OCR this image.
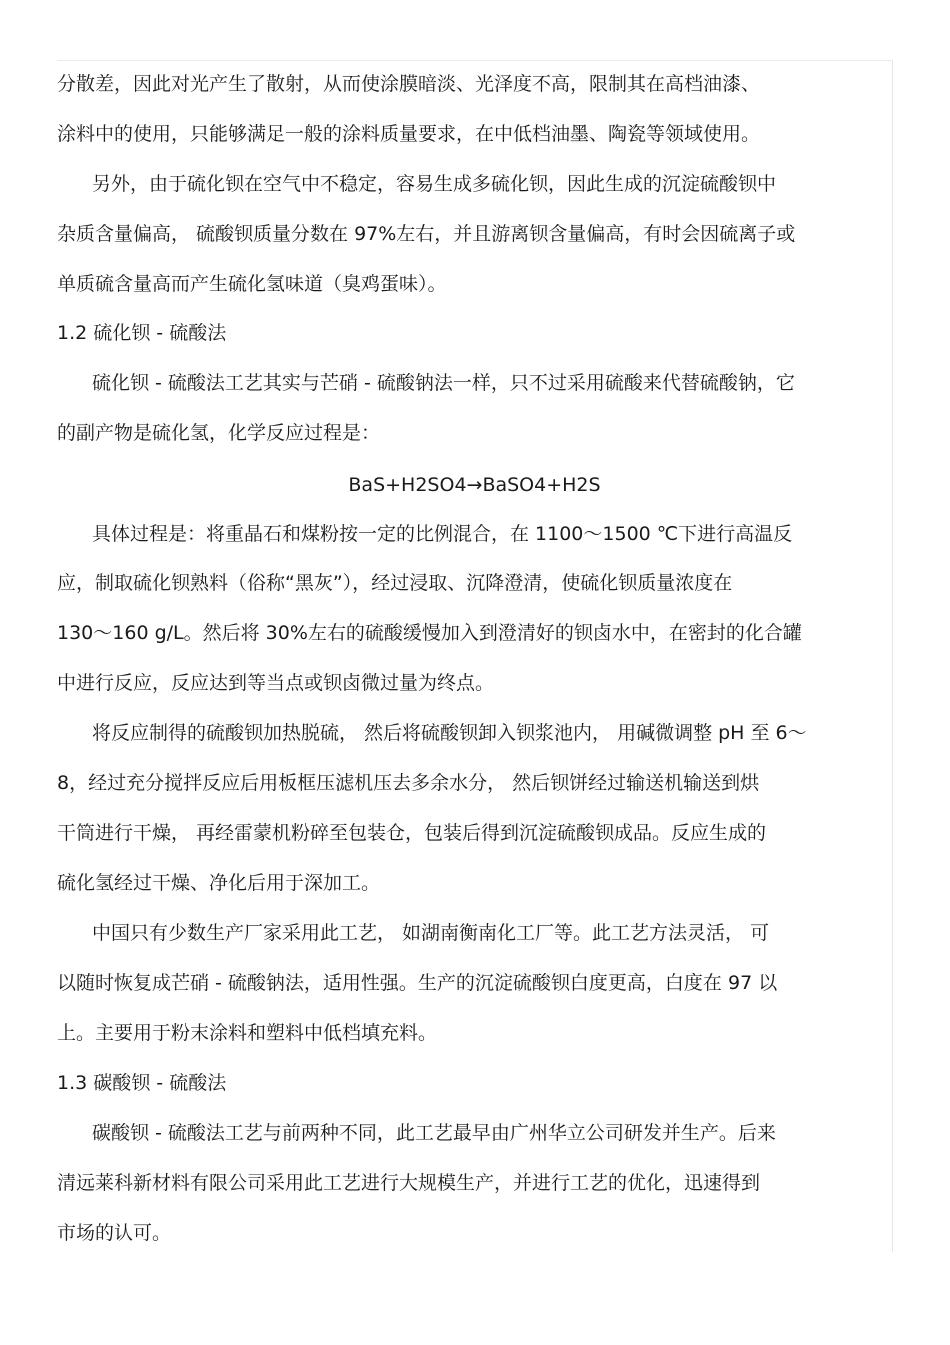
分散差，因此对光产生了散射，从而使涂膜暗淡、光泽度不高，限制其在高档油漆、
涂料中的使用，只能够满足一般的涂料质量要求，在中低档油墨、陶瓷等领域使用。
另外，由于硫化钡在空气中不稳定，容易生成多硫化钡，因此生成的沉淀硫酸钡中
杂质含量偏高， 硫酸钡质量分数在 97%左右，并且游离钡含量偏高，有时会因硫离子或
单质硫含量高而产生硫化氢味道（臭鸡蛋味）。
1.2 硫化钡 - 硫酸法
硫化钡 - 硫酸法工艺其实与芒硝 - 硫酸钠法一样，只不过采用硫酸来代替硫酸钠，它
的副产物是硫化氢，化学反应过程是：
BaS+H2SO4→BaSO4+H2S
具体过程是：将重晶石和煤粉按一定的比例混合，在 1100～1500 ℃下进行高温反
应，制取硫化钡熟料（俗称“黑灰”），经过浸取、沉降澄清，使硫化钡质量浓度在
130～160 g/L。然后将 30%左右的硫酸缓慢加入到澄清好的钡卤水中，在密封的化合罐
中进行反应，反应达到等当点或钡卤微过量为终点。
将反应制得的硫酸钡加热脱硫， 然后将硫酸钡卸入钡浆池内， 用碱微调整 pH 至 6～
8，经过充分搅拌反应后用板框压滤机压去多余水分， 然后钡饼经过输送机输送到烘
干筒进行干燥， 再经雷蒙机粉碎至包装仓，包装后得到沉淀硫酸钡成品。反应生成的
硫化氢经过干燥、净化后用于深加工。
中国只有少数生产厂家采用此工艺， 如湖南衡南化工厂等。此工艺方法灵活， 可
以随时恢复成芒硝 - 硫酸钠法，适用性强。生产的沉淀硫酸钡白度更高，白度在 97 以
上。主要用于粉末涂料和塑料中低档填充料。
1.3 碳酸钡 - 硫酸法
碳酸钡 - 硫酸法工艺与前两种不同，此工艺最早由广州华立公司研发并生产。后来
清远莱科新材料有限公司采用此工艺进行大规模生产，并进行工艺的优化，迅速得到
市场的认可。
